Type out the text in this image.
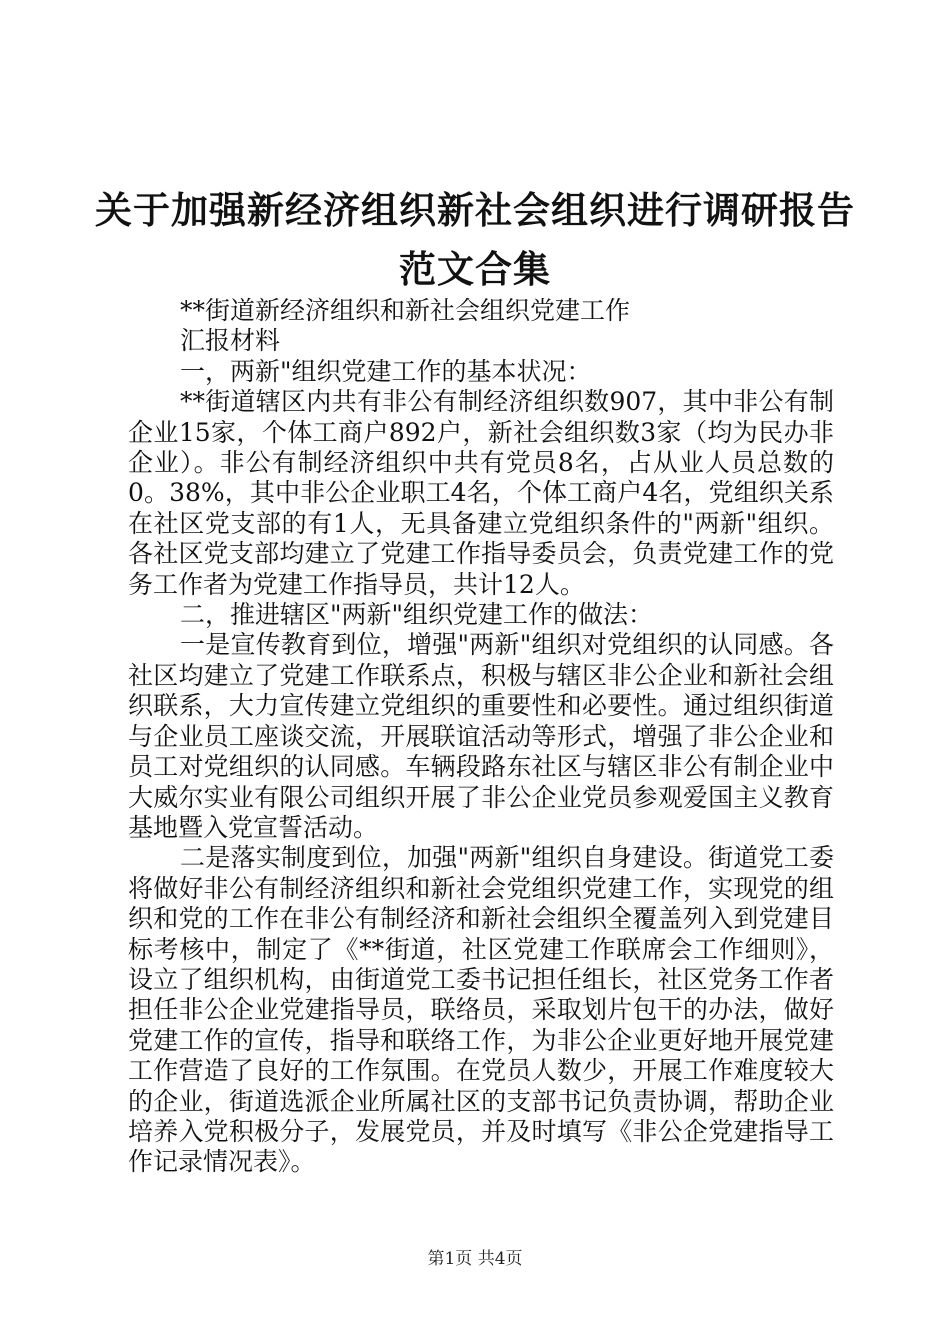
关于加强新经济组织新社会组织进行调研报告
范文合集

**街道新经济组织和新社会组织党建工作

汇报材料

一，两新"组织党建工作的基本状况：

**街道辖区内共有非公有制经济组织数907，其中非公有制企业15家，个体工商户892户，新社会组织数3家（均为民办非企业）。非公有制经济组织中共有党员8名，占从业人员总数的0。38%，其中非公企业职工4名，个体工商户4名，党组织关系在社区党支部的有1人，无具备建立党组织条件的"两新"组织。各社区党支部均建立了党建工作指导委员会，负责党建工作的党务工作者为党建工作指导员，共计12人。

二，推进辖区"两新"组织党建工作的做法：

一是宣传教育到位，增强"两新"组织对党组织的认同感。各社区均建立了党建工作联系点，积极与辖区非公企业和新社会组织联系，大力宣传建立党组织的重要性和必要性。通过组织街道与企业员工座谈交流，开展联谊活动等形式，增强了非公企业和员工对党组织的认同感。车辆段路东社区与辖区非公有制企业中大威尔实业有限公司组织开展了非公企业党员参观爱国主义教育基地暨入党宣誓活动。

二是落实制度到位，加强"两新"组织自身建设。街道党工委将做好非公有制经济组织和新社会党组织党建工作，实现党的组织和党的工作在非公有制经济和新社会组织全覆盖列入到党建目标考核中，制定了《**街道，社区党建工作联席会工作细则》，设立了组织机构，由街道党工委书记担任组长，社区党务工作者担任非公企业党建指导员，联络员，采取划片包干的办法，做好党建工作的宣传，指导和联络工作，为非公企业更好地开展党建工作营造了良好的工作氛围。在党员人数少，开展工作难度较大的企业，街道选派企业所属社区的支部书记负责协调，帮助企业培养入党积极分子，发展党员，并及时填写《非公企党建指导工作记录情况表》。

第1页 共4页
